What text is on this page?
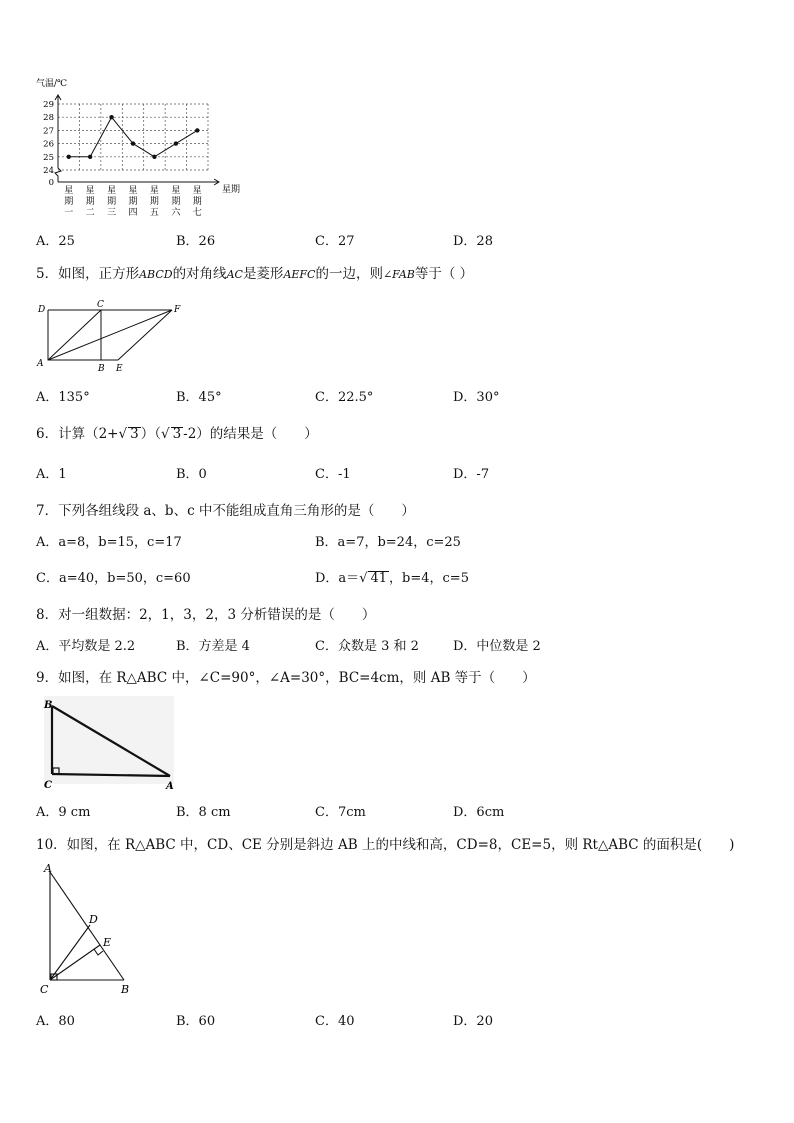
气温/℃
29
28
27
26
25
24
0
星
期
一
星
期
二
星
期
三
星
期
四
星
期
五
星
期
六
星
期
七
星期
A．25	B．26	C．27	D．28
5．如图，正方形ABCD的对角线AC是菱形AEFC的一边，则∠FAB等于（ ）
D	C	F
A	B E
A．135°	B．45°	C．22.5°	D．30°
6．计算（2+√ 3 ）（√ 3 -2）的结果是（　　）
A．1	B．0	C．-1	D．-7
7．下列各组线段 a、b、c 中不能组成直角三角形的是（　　）
A．a=8，b=15，c=17	B．a=7，b=24，c=25
C．a=40，b=50，c=60	D．a＝√ 41 ，b=4，c=5
8．对一组数据：2，1，3，2，3 分析错误的是（　　）
A．平均数是 2.2	B．方差是 4	C．众数是 3 和 2	D．中位数是 2
9．如图，在 R△ABC 中，∠C=90°，∠A=30°，BC=4cm，则 AB 等于（　　）
B
C	A
A．9 cm	B．8 cm	C．7cm	D．6cm
10．如图，在 R△ABC 中，CD、CE 分别是斜边 AB 上的中线和高，CD=8，CE=5，则 Rt△ABC 的面积是(　　)
A
D
E
C	B
A．80	B．60	C．40	D．20
